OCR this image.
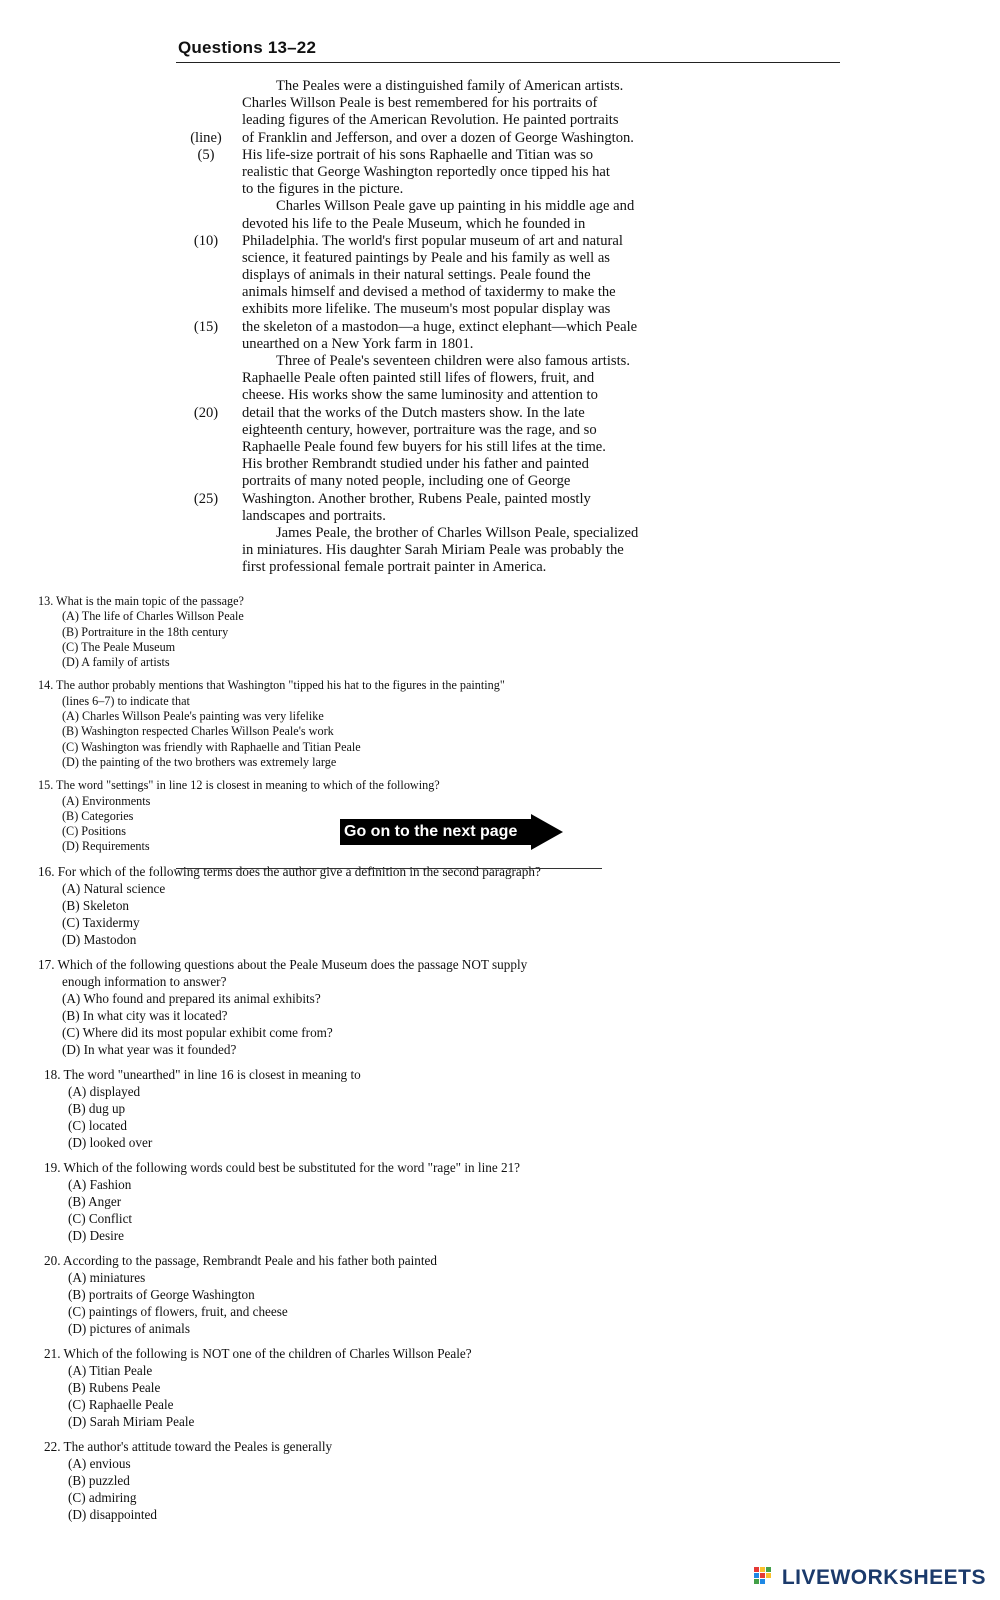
Questions 13–22
The Peales were a distinguished family of American artists.
Charles Willson Peale is best remembered for his portraits of
leading figures of the American Revolution. He painted portraits
(line)	of Franklin and Jefferson, and over a dozen of George Washington.
(5)	His life-size portrait of his sons Raphaelle and Titian was so
realistic that George Washington reportedly once tipped his hat
to the figures in the picture.
Charles Willson Peale gave up painting in his middle age and
devoted his life to the Peale Museum, which he founded in
(10)	Philadelphia. The world's first popular museum of art and natural
science, it featured paintings by Peale and his family as well as
displays of animals in their natural settings. Peale found the
animals himself and devised a method of taxidermy to make the
exhibits more lifelike. The museum's most popular display was
(15)	the skeleton of a mastodon—a huge, extinct elephant—which Peale
unearthed on a New York farm in 1801.
Three of Peale's seventeen children were also famous artists.
Raphaelle Peale often painted still lifes of flowers, fruit, and
cheese. His works show the same luminosity and attention to
(20)	detail that the works of the Dutch masters show. In the late
eighteenth century, however, portraiture was the rage, and so
Raphaelle Peale found few buyers for his still lifes at the time.
His brother Rembrandt studied under his father and painted
portraits of many noted people, including one of George
(25)	Washington. Another brother, Rubens Peale, painted mostly
landscapes and portraits.
James Peale, the brother of Charles Willson Peale, specialized
in miniatures. His daughter Sarah Miriam Peale was probably the
first professional female portrait painter in America.
13. What is the main topic of the passage?
(A) The life of Charles Willson Peale
(B) Portraiture in the 18th century
(C) The Peale Museum
(D) A family of artists
14. The author probably mentions that Washington "tipped his hat to the figures in the painting"
(lines 6–7) to indicate that
(A) Charles Willson Peale's painting was very lifelike
(B) Washington respected Charles Willson Peale's work
(C) Washington was friendly with Raphaelle and Titian Peale
(D) the painting of the two brothers was extremely large
15. The word "settings" in line 12 is closest in meaning to which of the following?
(A) Environments
(B) Categories
(C) Positions
(D) Requirements
16. For which of the following terms does the author give a definition in the second paragraph?
(A) Natural science
(B) Skeleton
(C) Taxidermy
(D) Mastodon
17. Which of the following questions about the Peale Museum does the passage NOT supply
enough information to answer?
(A) Who found and prepared its animal exhibits?
(B) In what city was it located?
(C) Where did its most popular exhibit come from?
(D) In what year was it founded?
18. The word "unearthed" in line 16 is closest in meaning to
(A) displayed
(B) dug up
(C) located
(D) looked over
19. Which of the following words could best be substituted for the word "rage" in line 21?
(A) Fashion
(B) Anger
(C) Conflict
(D) Desire
20. According to the passage, Rembrandt Peale and his father both painted
(A) miniatures
(B) portraits of George Washington
(C) paintings of flowers, fruit, and cheese
(D) pictures of animals
21. Which of the following is NOT one of the children of Charles Willson Peale?
(A) Titian Peale
(B) Rubens Peale
(C) Raphaelle Peale
(D) Sarah Miriam Peale
22. The author's attitude toward the Peales is generally
(A) envious
(B) puzzled
(C) admiring
(D) disappointed
Go on to the next page
LIVEWORKSHEETS
